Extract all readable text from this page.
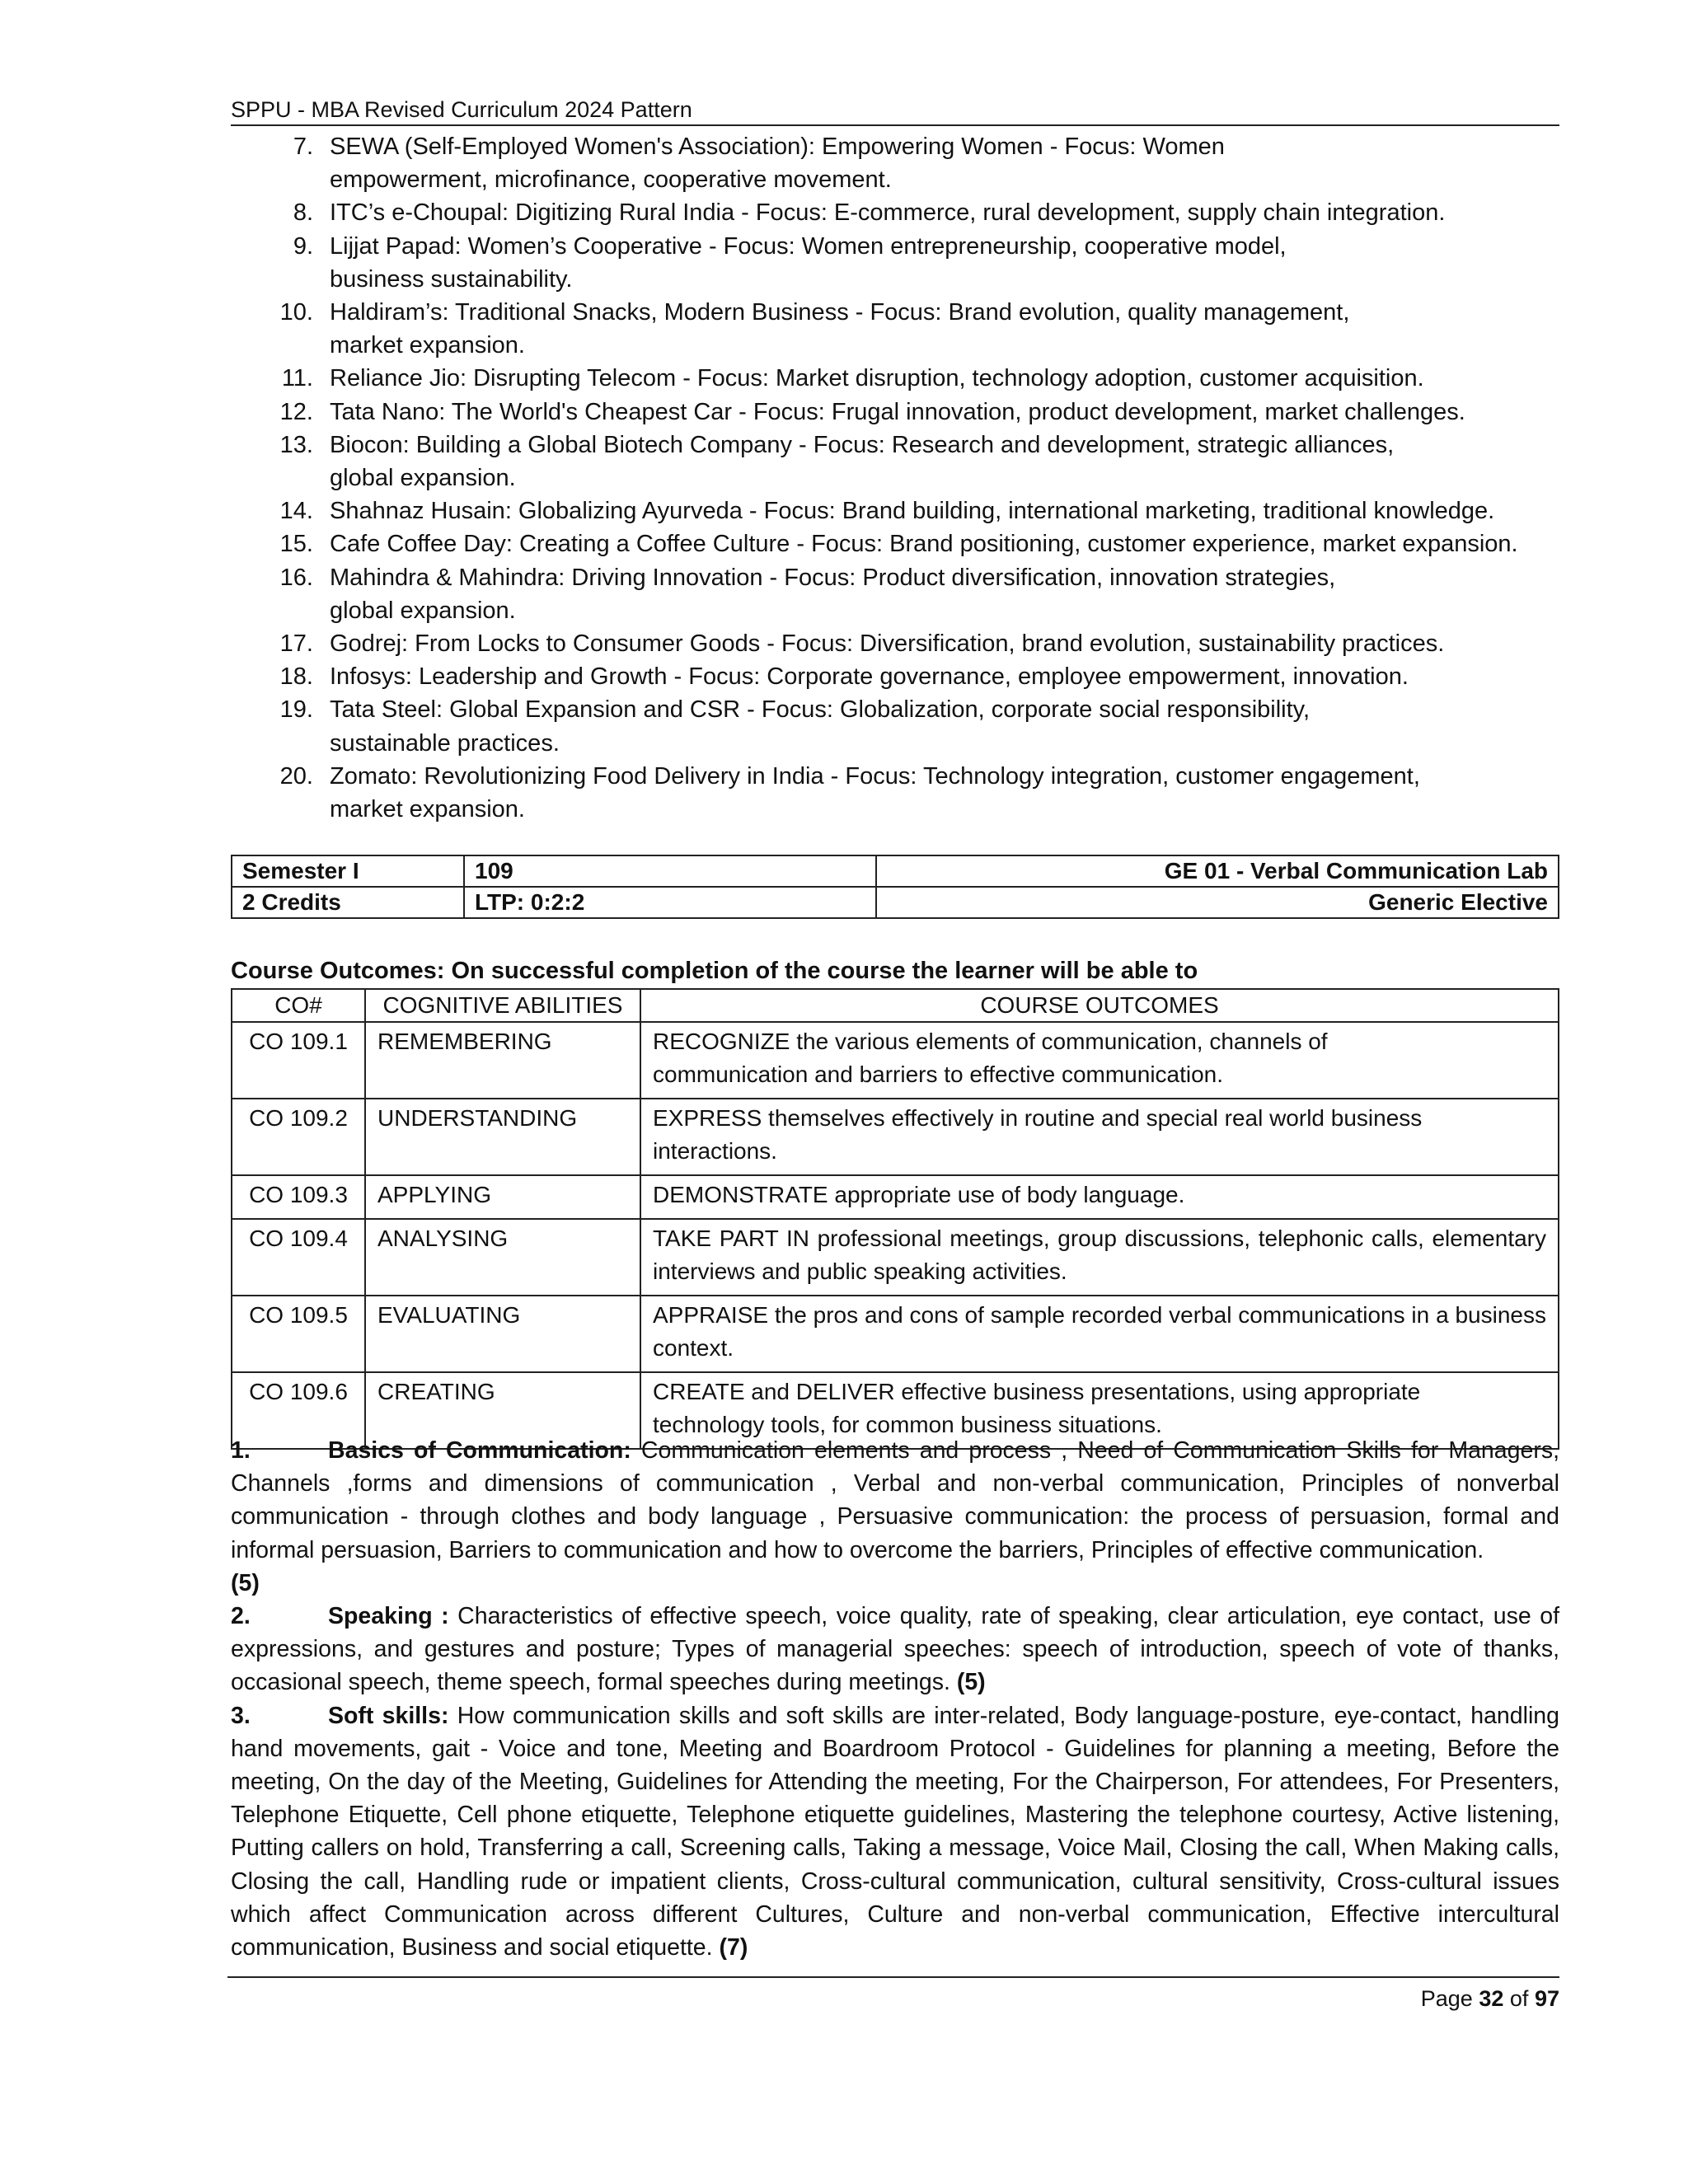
SPPU - MBA Revised Curriculum 2024 Pattern
7. SEWA (Self-Employed Women's Association): Empowering Women - Focus: Women
empowerment, microfinance, cooperative movement.
8. ITC’s e-Choupal: Digitizing Rural India - Focus: E-commerce, rural development, supply chain integration.
9. Lijjat Papad: Women’s Cooperative - Focus: Women entrepreneurship, cooperative model,
business sustainability.
10. Haldiram’s: Traditional Snacks, Modern Business - Focus: Brand evolution, quality management,
market expansion.
11. Reliance Jio: Disrupting Telecom - Focus: Market disruption, technology adoption, customer acquisition.
12. Tata Nano: The World's Cheapest Car - Focus: Frugal innovation, product development, market challenges.
13. Biocon: Building a Global Biotech Company - Focus: Research and development, strategic alliances,
global expansion.
14. Shahnaz Husain: Globalizing Ayurveda - Focus: Brand building, international marketing, traditional knowledge.
15. Cafe Coffee Day: Creating a Coffee Culture - Focus: Brand positioning, customer experience, market expansion.
16. Mahindra & Mahindra: Driving Innovation - Focus: Product diversification, innovation strategies,
global expansion.
17. Godrej: From Locks to Consumer Goods - Focus: Diversification, brand evolution, sustainability practices.
18. Infosys: Leadership and Growth - Focus: Corporate governance, employee empowerment, innovation.
19. Tata Steel: Global Expansion and CSR - Focus: Globalization, corporate social responsibility,
sustainable practices.
20. Zomato: Revolutionizing Food Delivery in India - Focus: Technology integration, customer engagement,
market expansion.
Semester I	109	GE 01 - Verbal Communication Lab
2 Credits	LTP: 0:2:2	Generic Elective
Course Outcomes: On successful completion of the course the learner will be able to
CO#	COGNITIVE ABILITIES	COURSE OUTCOMES
CO 109.1	REMEMBERING	RECOGNIZE the various elements of communication, channels of communication and barriers to effective communication.
CO 109.2	UNDERSTANDING	EXPRESS themselves effectively in routine and special real world business interactions.
CO 109.3	APPLYING	DEMONSTRATE appropriate use of body language.
CO 109.4	ANALYSING	TAKE PART IN professional meetings, group discussions, telephonic calls, elementary interviews and public speaking activities.
CO 109.5	EVALUATING	APPRAISE the pros and cons of sample recorded verbal communications in a business context.
CO 109.6	CREATING	CREATE and DELIVER effective business presentations, using appropriate technology tools, for common business situations.

1.	Basics of Communication: Communication elements and process , Need of Communication Skills for Managers, Channels ,forms and dimensions of communication , Verbal and non-verbal communication, Principles of nonverbal communication - through clothes and body language , Persuasive communication: the process of persuasion, formal and informal persuasion, Barriers to communication and how to overcome the barriers, Principles of effective communication.
(5)

2.	Speaking : Characteristics of effective speech, voice quality, rate of speaking, clear articulation, eye contact, use of expressions, and gestures and posture; Types of managerial speeches: speech of introduction, speech of vote of thanks, occasional speech, theme speech, formal speeches during meetings. (5)

3.	Soft skills: How communication skills and soft skills are inter-related, Body language-posture, eye-contact, handling hand movements, gait - Voice and tone, Meeting and Boardroom Protocol - Guidelines for planning a meeting, Before the meeting, On the day of the Meeting, Guidelines for Attending the meeting, For the Chairperson, For attendees, For Presenters, Telephone Etiquette, Cell phone etiquette, Telephone etiquette guidelines, Mastering the telephone courtesy, Active listening, Putting callers on hold, Transferring a call, Screening calls, Taking a message, Voice Mail, Closing the call, When Making calls, Closing the call, Handling rude or impatient clients, Cross-cultural communication, cultural sensitivity, Cross-cultural issues which affect Communication across different Cultures, Culture and non-verbal communication, Effective intercultural communication, Business and social etiquette. (7)

Page 32 of 97
